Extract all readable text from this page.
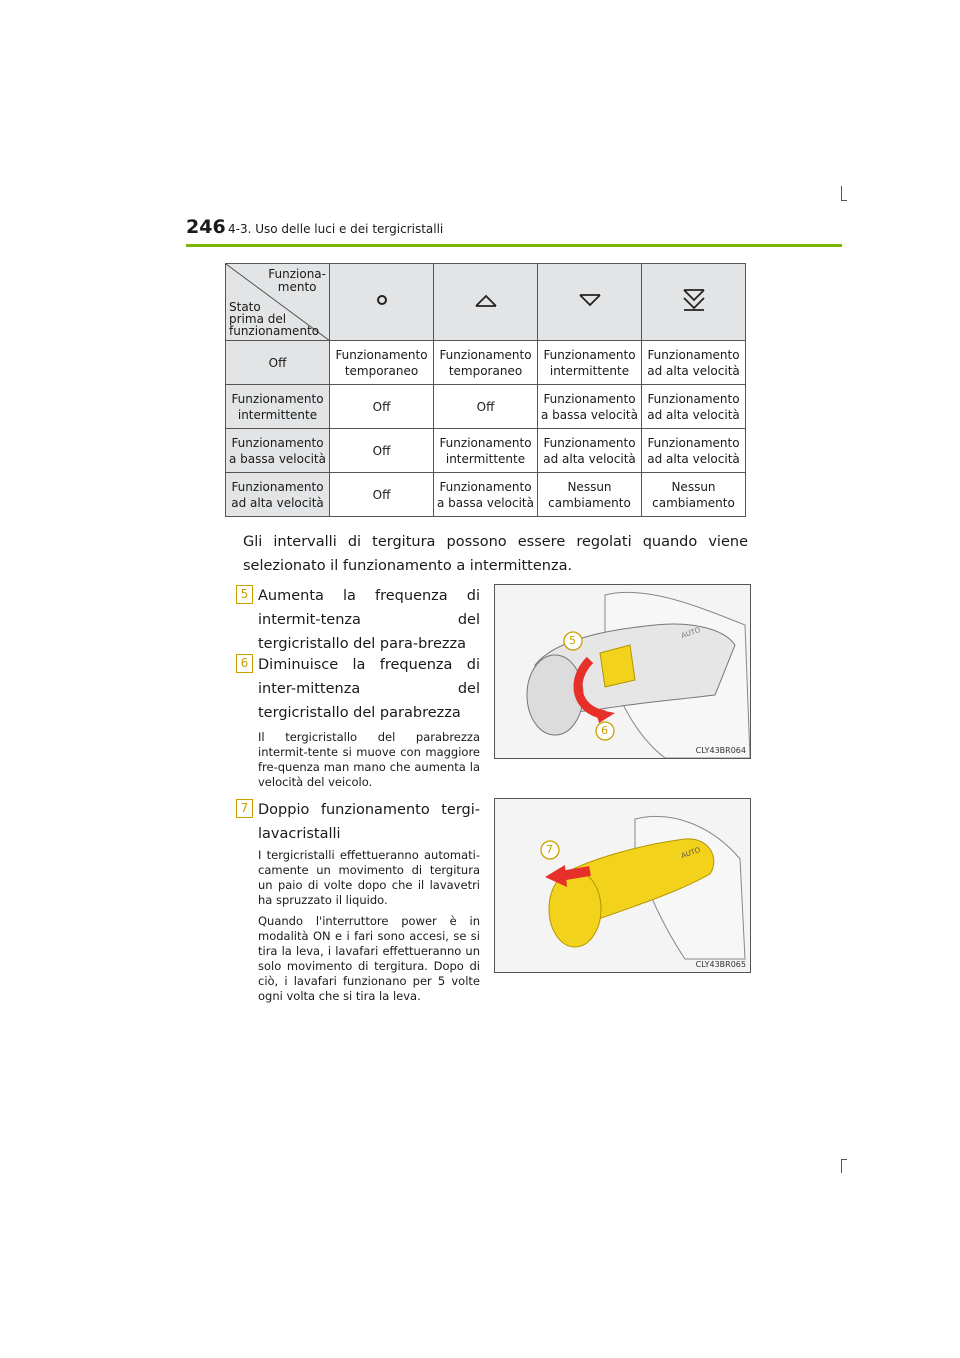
246 4-3. Uso delle luci e dei tergicristalli
Funziona-
mento
Stato
prima del
funzionamento

Off	Funzionamento temporaneo	Funzionamento temporaneo	Funzionamento intermittente	Funzionamento ad alta velocità
Funzionamento intermittente	Off	Off	Funzionamento a bassa velocità	Funzionamento ad alta velocità
Funzionamento a bassa velocità	Off	Funzionamento intermittente	Funzionamento ad alta velocità	Funzionamento ad alta velocità
Funzionamento ad alta velocità	Off	Funzionamento a bassa velocità	Nessun cambiamento	Nessun cambiamento
Gli intervalli di tergitura possono essere regolati quando viene selezionato il funzionamento a intermittenza.
5 Aumenta la frequenza di intermit-tenza del tergicristallo del para-brezza
6 Diminuisce la frequenza di inter-mittenza del tergicristallo del parabrezza
Il tergicristallo del parabrezza intermit-tente si muove con maggiore fre-quenza man mano che aumenta la velocità del veicolo.
7 Doppio funzionamento tergi-lavacristalli
I tergicristalli effettueranno automati-camente un movimento di tergitura un paio di volte dopo che il lavavetri ha spruzzato il liquido.
Quando l'interruttore power è in modalità ON e i fari sono accesi, se si tira la leva, i lavafari effettueranno un solo movimento di tergitura. Dopo di ciò, i lavafari funzionano per 5 volte ogni volta che si tira la leva.
5
6
AUTO
CLY43BR064
7	AUTO
CLY43BR065
